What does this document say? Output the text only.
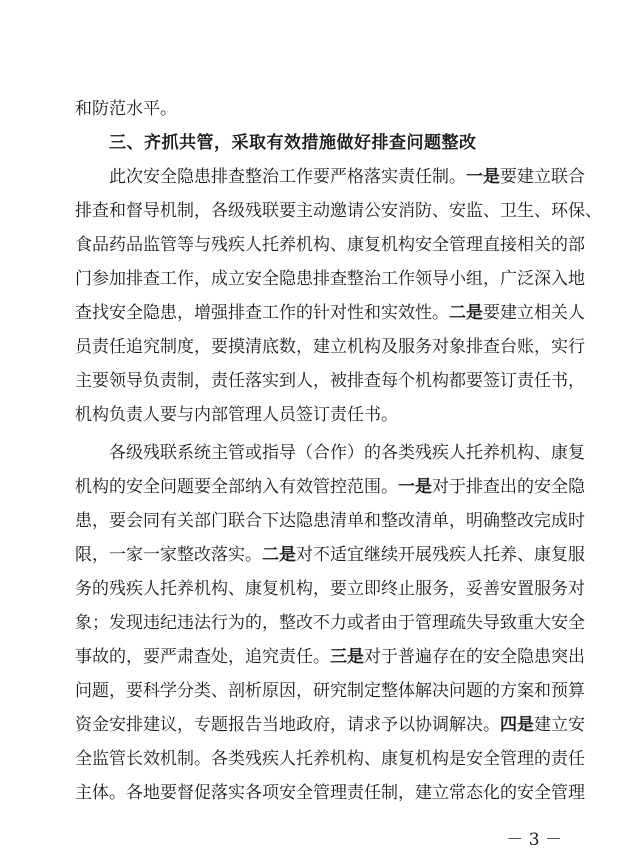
和防范水平。
三、齐抓共管，采取有效措施做好排查问题整改
此次安全隐患排查整治工作要严格落实责任制。一是要建立联合
排查和督导机制，各级残联要主动邀请公安消防、安监、卫生、环保、
食品药品监管等与残疾人托养机构、康复机构安全管理直接相关的部
门参加排查工作，成立安全隐患排查整治工作领导小组，广泛深入地
查找安全隐患，增强排查工作的针对性和实效性。二是要建立相关人
员责任追究制度，要摸清底数，建立机构及服务对象排查台账，实行
主要领导负责制，责任落实到人，被排查每个机构都要签订责任书，
机构负责人要与内部管理人员签订责任书。
各级残联系统主管或指导（合作）的各类残疾人托养机构、康复
机构的安全问题要全部纳入有效管控范围。一是对于排查出的安全隐
患，要会同有关部门联合下达隐患清单和整改清单，明确整改完成时
限，一家一家整改落实。二是对不适宜继续开展残疾人托养、康复服
务的残疾人托养机构、康复机构，要立即终止服务，妥善安置服务对
象；发现违纪违法行为的，整改不力或者由于管理疏失导致重大安全
事故的，要严肃查处，追究责任。三是对于普遍存在的安全隐患突出
问题，要科学分类、剖析原因，研究制定整体解决问题的方案和预算
资金安排建议，专题报告当地政府，请求予以协调解决。四是建立安
全监管长效机制。各类残疾人托养机构、康复机构是安全管理的责任
主体。各地要督促落实各项安全管理责任制，建立常态化的安全管理
－ 3 －
